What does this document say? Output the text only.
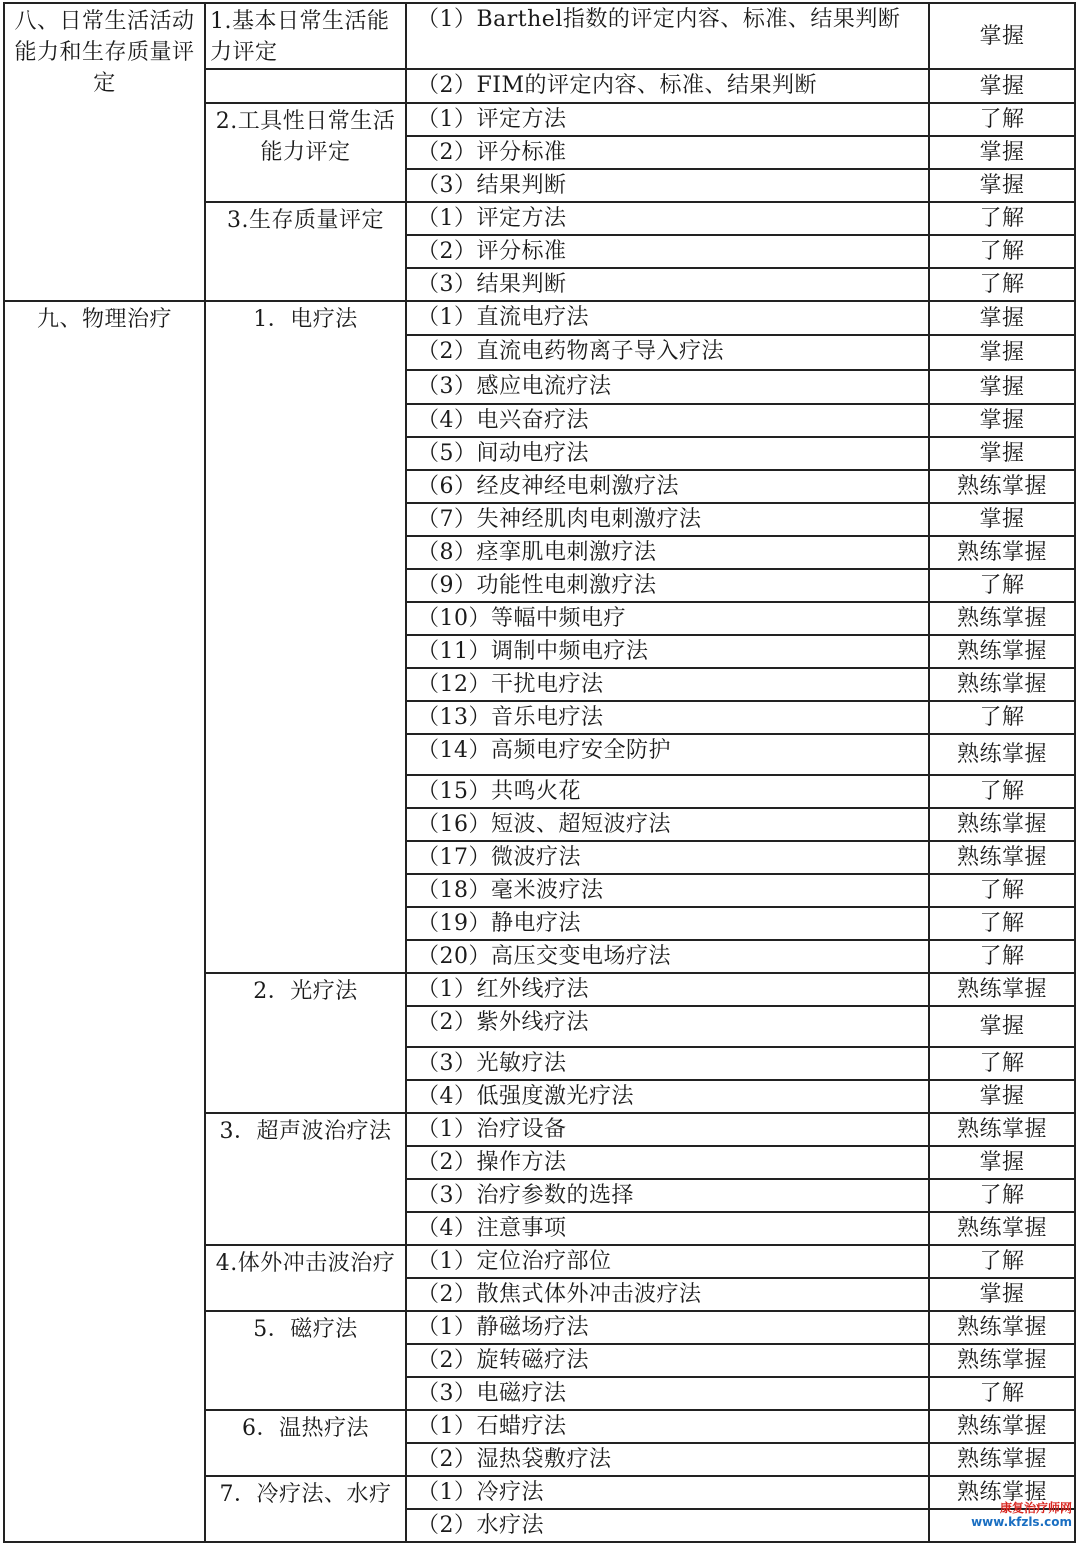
八、日常生活活动能力和生存质量评定	1.基本日常生活能力评定	（1）Barthel指数的评定内容、标准、结果判断	掌握
		（2）FIM的评定内容、标准、结果判断	掌握
	2.工具性日常生活能力评定	（1）评定方法	了解
		（2）评分标准	掌握
		（3）结果判断	掌握
	3.生存质量评定	（1）评定方法	了解
		（2）评分标准	了解
		（3）结果判断	了解
九、物理治疗	1．电疗法	（1）直流电疗法	掌握
		（2）直流电药物离子导入疗法	掌握
		（3）感应电流疗法	掌握
		（4）电兴奋疗法	掌握
		（5）间动电疗法	掌握
		（6）经皮神经电刺激疗法	熟练掌握
		（7）失神经肌肉电刺激疗法	掌握
		（8）痉挛肌电刺激疗法	熟练掌握
		（9）功能性电刺激疗法	了解
		（10）等幅中频电疗	熟练掌握
		（11）调制中频电疗法	熟练掌握
		（12）干扰电疗法	熟练掌握
		（13）音乐电疗法	了解
		（14）高频电疗安全防护	熟练掌握
		（15）共鸣火花	了解
		（16）短波、超短波疗法	熟练掌握
		（17）微波疗法	熟练掌握
		（18）毫米波疗法	了解
		（19）静电疗法	了解
		（20）高压交变电场疗法	了解
	2．光疗法	（1）红外线疗法	熟练掌握
		（2）紫外线疗法	掌握
		（3）光敏疗法	了解
		（4）低强度激光疗法	掌握
	3．超声波治疗法	（1）治疗设备	熟练掌握
		（2）操作方法	掌握
		（3）治疗参数的选择	了解
		（4）注意事项	熟练掌握
	4.体外冲击波治疗	（1）定位治疗部位	了解
		（2）散焦式体外冲击波疗法	掌握
	5．磁疗法	（1）静磁场疗法	熟练掌握
		（2）旋转磁疗法	熟练掌握
		（3）电磁疗法	了解
	6．温热疗法	（1）石蜡疗法	熟练掌握
		（2）湿热袋敷疗法	熟练掌握
	7．冷疗法、水疗	（1）冷疗法	熟练掌握
		（2）水疗法	
康复治疗师网
www.kfzls.com
